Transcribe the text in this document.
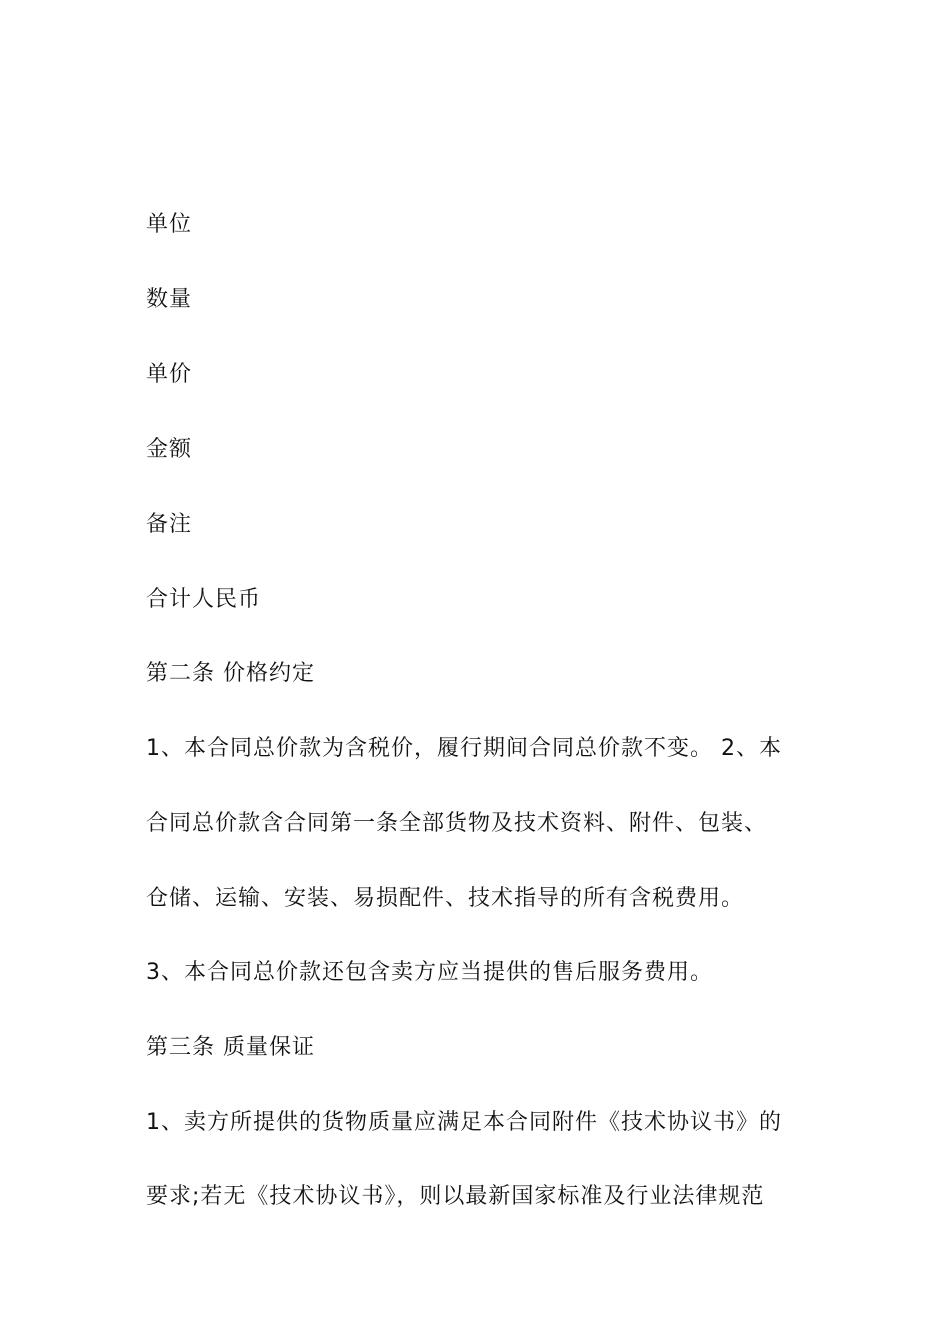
单位
数量
单价
金额
备注
合计人民币
第二条 价格约定
1、本合同总价款为含税价，履行期间合同总价款不变。 2、本
合同总价款含合同第一条全部货物及技术资料、附件、包装、
仓储、运输、安装、易损配件、技术指导的所有含税费用。
3、本合同总价款还包含卖方应当提供的售后服务费用。
第三条 质量保证
1、卖方所提供的货物质量应满足本合同附件《技术协议书》的
要求;若无《技术协议书》，则以最新国家标准及行业法律规范
